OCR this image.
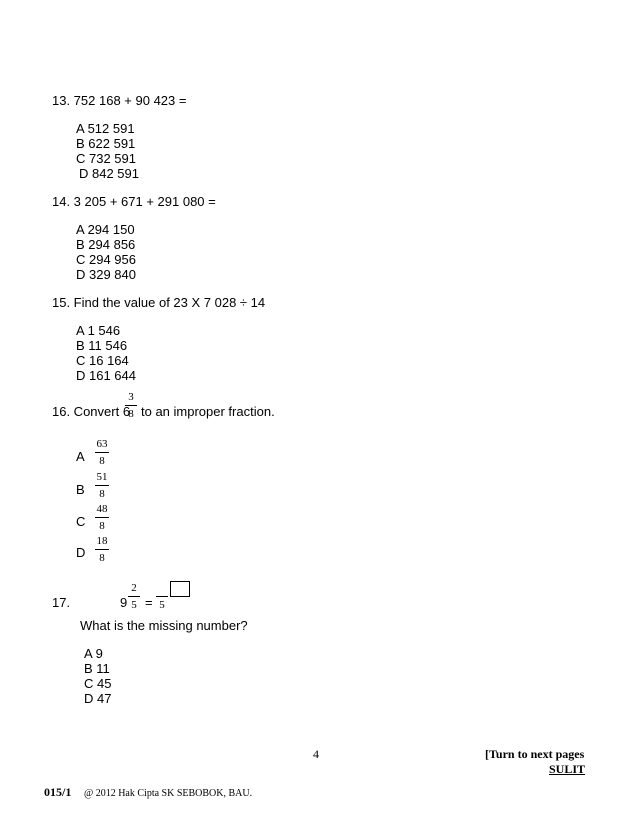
13. 752 168 + 90 423 =
A 512 591
B 622 591
C 732 591
D 842 591
14. 3 205 + 671 + 291 080 =
A 294 150
B 294 856
C 294 956
D 329 840
15. Find the value of 23 X 7 028 ÷ 14
A 1 546
B 11 546
C 16 164
D 161 644
16. Convert 6
3
8 to an improper fraction.
A
63
8
B
51
8
C
48
8
D
18
8
17.	9
2
5 = 5
What is the missing number?
A 9
B 11
C 45
D 47
4	[Turn to next pages
SULIT
015/1 @ 2012 Hak Cipta SK SEBOBOK, BAU.
